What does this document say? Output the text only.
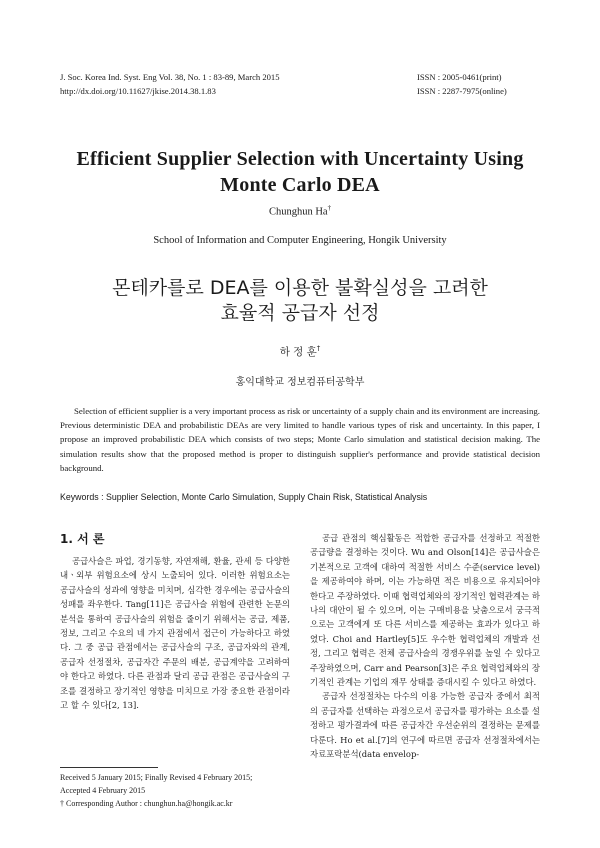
J. Soc. Korea Ind. Syst. Eng Vol. 38, No. 1 : 83-89, March 2015
http://dx.doi.org/10.11627/jkise.2014.38.1.83
ISSN : 2005-0461(print)
ISSN : 2287-7975(online)
Efficient Supplier Selection with Uncertainty Using
Monte Carlo DEA
Chunghun Ha†
School of Information and Computer Engineering, Hongik University
몬테카를로 DEA를 이용한 불확실성을 고려한
효율적 공급자 선정
하 정 훈†
홍익대학교 정보컴퓨터공학부

Selection of efficient supplier is a very important process as risk or uncertainty of a supply chain and its environment are increasing. Previous deterministic DEA and probabilistic DEAs are very limited to handle various types of risk and uncertainty. In this paper, I propose an improved probabilistic DEA which consists of two steps; Monte Carlo simulation and statistical decision making. The simulation results show that the proposed method is proper to distinguish supplier's performance and provide statistical decision background.

Keywords : Supplier Selection, Monte Carlo Simulation, Supply Chain Risk, Statistical Analysis
1. 서 론

공급사슬은 파업, 경기동향, 자연재해, 환율, 관세 등 다양한 내ㆍ외부 위험요소에 상시 노출되어 있다. 이러한 위험요소는 공급사슬의 성과에 영향을 미치며, 심각한 경우에는 공급사슬의 성패를 좌우한다. Tang[11]은 공급사슬 위험에 관련한 논문의 분석을 통하여 공급사슬의 위험을 줄이기 위해서는 공급, 제품, 정보, 그리고 수요의 네 가지 관점에서 접근이 가능하다고 하였다. 그 중 공급 관점에서는 공급사슬의 구조, 공급자와의 관계, 공급자 선정절차, 공급자간 주문의 배분, 공급계약을 고려하여야 한다고 하였다. 다른 관점과 달리 공급 관점은 공급사슬의 구조를 결정하고 장기적인 영향을 미치므로 가장 중요한 관점이라고 할 수 있다[2, 13].

공급 관점의 핵심활동은 적합한 공급자를 선정하고 적절한 공급량을 결정하는 것이다. Wu and Olson[14]은 공급사슬은 기본적으로 고객에 대하여 적절한 서비스 수준(service level)을 제공하여야 하며, 이는 가능하면 적은 비용으로 유지되어야 한다고 주장하였다. 이때 협력업체와의 장기적인 협력관계는 하나의 대안이 될 수 있으며, 이는 구매비용을 낮춤으로서 궁극적으로는 고객에게 또 다른 서비스를 제공하는 효과가 있다고 하였다. Choi and Hartley[5]도 우수한 협력업체의 개발과 선정, 그리고 협력은 전체 공급사슬의 경쟁우위를 높일 수 있다고 주장하였으며, Carr and Pearson[3]은 주요 협력업체와의 장기적인 관계는 기업의 재무 상태를 증대시킬 수 있다고 하였다.

공급자 선정절차는 다수의 이용 가능한 공급자 중에서 최적의 공급자를 선택하는 과정으로서 공급자를 평가하는 요소를 설정하고 평가결과에 따른 공급자간 우선순위의 결정하는 문제를 다룬다. Ho et al.[7]의 연구에 따르면 공급자 선정절차에서는 자료포락분석(data envelop-

Received 5 January 2015; Finally Revised 4 February 2015;

Accepted 4 February 2015

† Corresponding Author : chunghun.ha@hongik.ac.kr
